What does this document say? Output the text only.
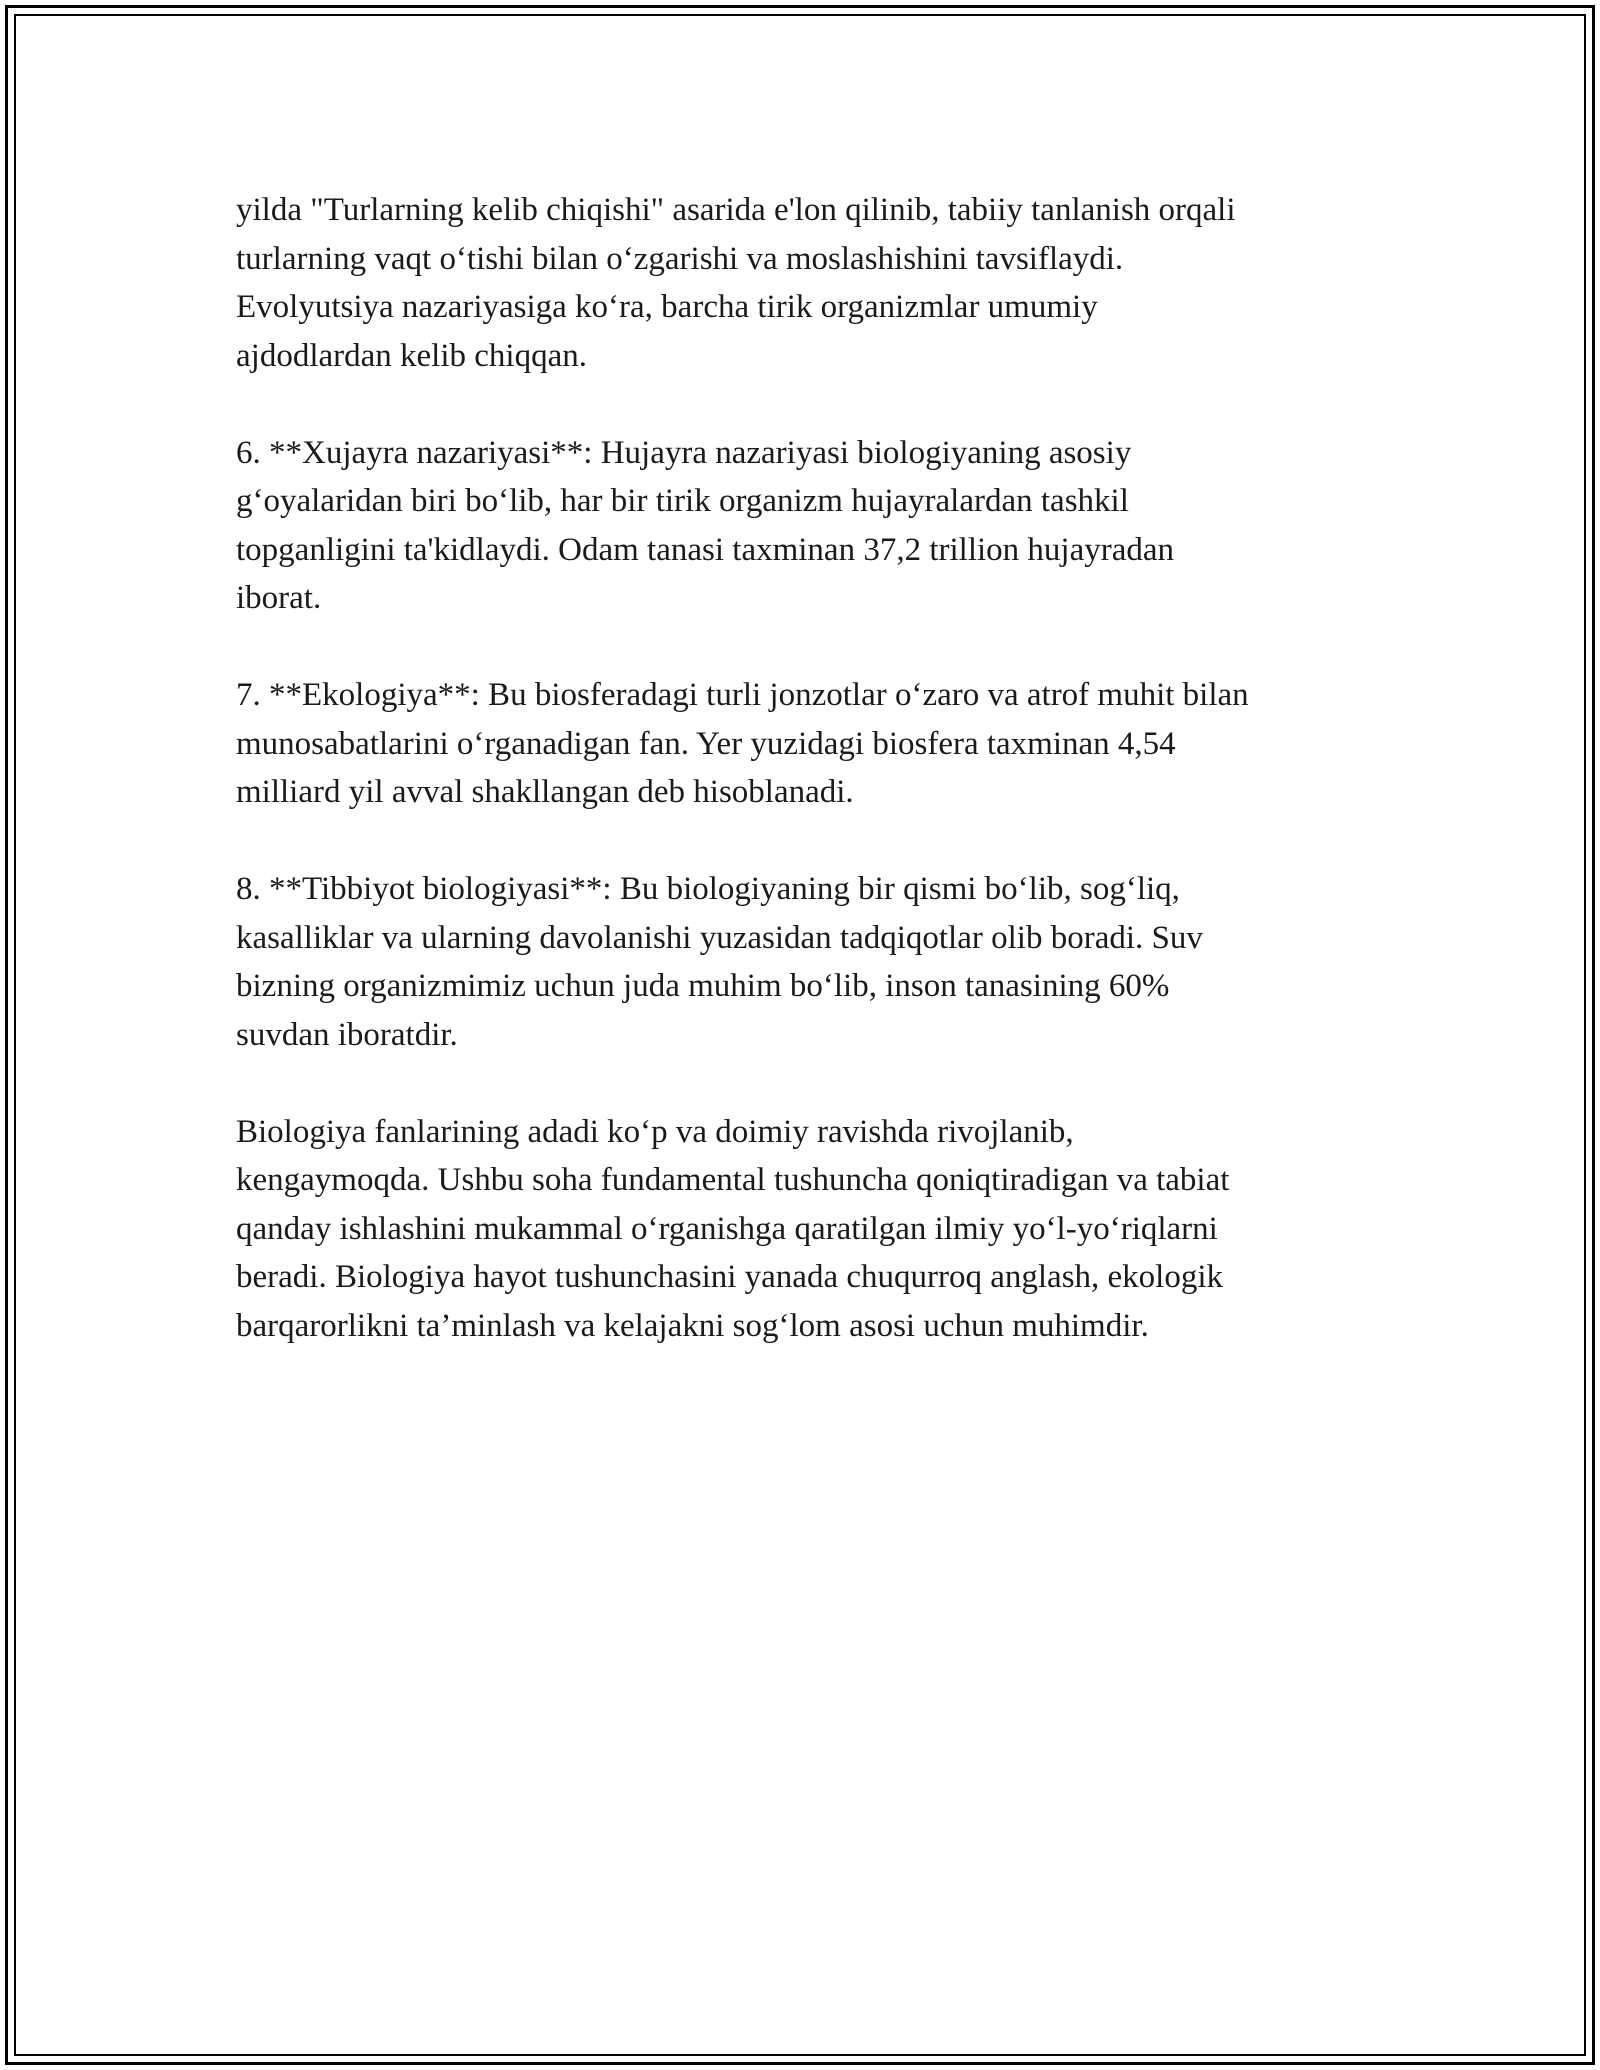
yilda "Turlarning kelib chiqishi" asarida e'lon qilinib, tabiiy tanlanish orqali
turlarning vaqt o‘tishi bilan o‘zgarishi va moslashishini tavsiflaydi.
Evolyutsiya nazariyasiga ko‘ra, barcha tirik organizmlar umumiy
ajdodlardan kelib chiqqan.

6. **Xujayra nazariyasi**: Hujayra nazariyasi biologiyaning asosiy
g‘oyalaridan biri bo‘lib, har bir tirik organizm hujayralardan tashkil
topganligini ta'kidlaydi. Odam tanasi taxminan 37,2 trillion hujayradan
iborat.

7. **Ekologiya**: Bu biosferadagi turli jonzotlar o‘zaro va atrof muhit bilan
munosabatlarini o‘rganadigan fan. Yer yuzidagi biosfera taxminan 4,54
milliard yil avval shakllangan deb hisoblanadi.

8. **Tibbiyot biologiyasi**: Bu biologiyaning bir qismi bo‘lib, sog‘liq,
kasalliklar va ularning davolanishi yuzasidan tadqiqotlar olib boradi. Suv
bizning organizmimiz uchun juda muhim bo‘lib, inson tanasining 60%
suvdan iboratdir.

Biologiya fanlarining adadi ko‘p va doimiy ravishda rivojlanib,
kengaymoqda. Ushbu soha fundamental tushuncha qoniqtiradigan va tabiat
qanday ishlashini mukammal o‘rganishga qaratilgan ilmiy yo‘l-yo‘riqlarni
beradi. Biologiya hayot tushunchasini yanada chuqurroq anglash, ekologik
barqarorlikni ta’minlash va kelajakni sog‘lom asosi uchun muhimdir.
